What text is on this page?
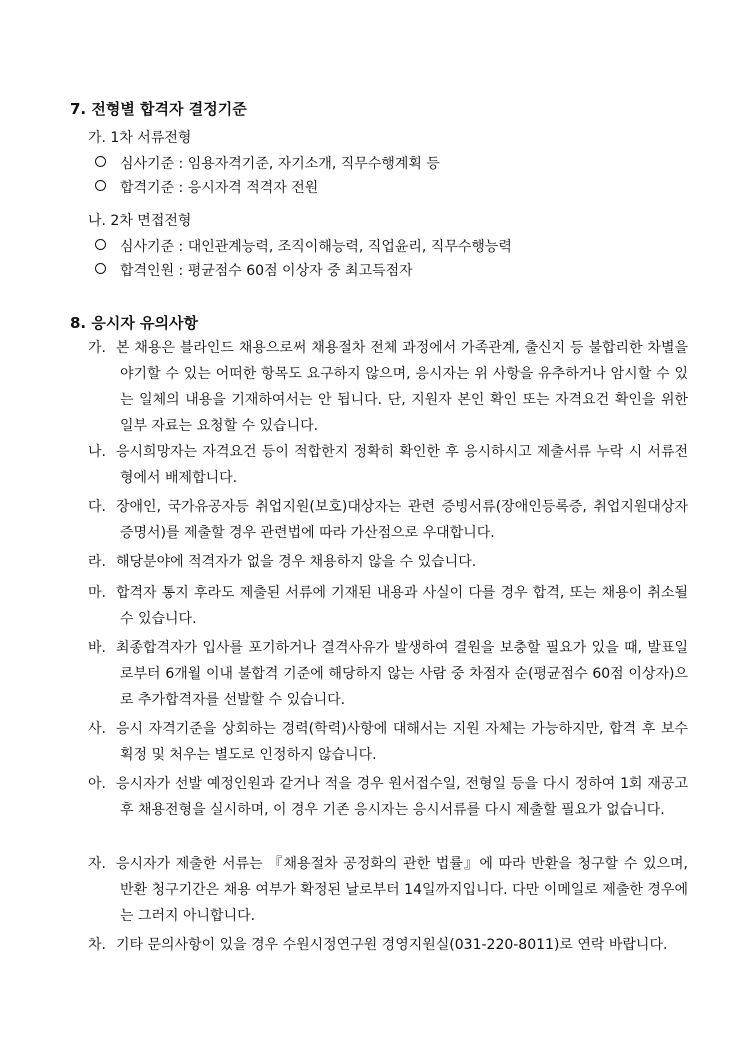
7. 전형별 합격자 결정기준
가. 1차 서류전형
심사기준 : 임용자격기준, 자기소개, 직무수행계획 등
합격기준 : 응시자격 적격자 전원
나. 2차 면접전형
심사기준 : 대인관계능력, 조직이해능력, 직업윤리, 직무수행능력
합격인원 : 평균점수 60점 이상자 중 최고득점자
8. 응시자 유의사항
가. 본 채용은 블라인드 채용으로써 채용절차 전체 과정에서 가족관계, 출신지 등 불합리한 차별을 야기할 수 있는 어떠한 항목도 요구하지 않으며, 응시자는 위 사항을 유추하거나 암시할 수 있는 일체의 내용을 기재하여서는 안 됩니다. 단, 지원자 본인 확인 또는 자격요건 확인을 위한 일부 자료는 요청할 수 있습니다.
나. 응시희망자는 자격요건 등이 적합한지 정확히 확인한 후 응시하시고 제출서류 누락 시 서류전형에서 배제합니다.
다. 장애인, 국가유공자등 취업지원(보호)대상자는 관련 증빙서류(장애인등록증, 취업지원대상자 증명서)를 제출할 경우 관련법에 따라 가산점으로 우대합니다.
라. 해당분야에 적격자가 없을 경우 채용하지 않을 수 있습니다.
마. 합격자 통지 후라도 제출된 서류에 기재된 내용과 사실이 다를 경우 합격, 또는 채용이 취소될 수 있습니다.
바. 최종합격자가 입사를 포기하거나 결격사유가 발생하여 결원을 보충할 필요가 있을 때, 발표일로부터 6개월 이내 불합격 기준에 해당하지 않는 사람 중 차점자 순(평균점수 60점 이상자)으로 추가합격자를 선발할 수 있습니다.
사. 응시 자격기준을 상회하는 경력(학력)사항에 대해서는 지원 자체는 가능하지만, 합격 후 보수획정 및 처우는 별도로 인정하지 않습니다.
아. 응시자가 선발 예정인원과 같거나 적을 경우 원서접수일, 전형일 등을 다시 정하여 1회 재공고 후 채용전형을 실시하며, 이 경우 기존 응시자는 응시서류를 다시 제출할 필요가 없습니다.
자. 응시자가 제출한 서류는 『채용절차 공정화의 관한 법률』에 따라 반환을 청구할 수 있으며, 반환 청구기간은 채용 여부가 확정된 날로부터 14일까지입니다. 다만 이메일로 제출한 경우에는 그러지 아니합니다.
차. 기타 문의사항이 있을 경우 수원시정연구원 경영지원실(031-220-8011)로 연락 바랍니다.
